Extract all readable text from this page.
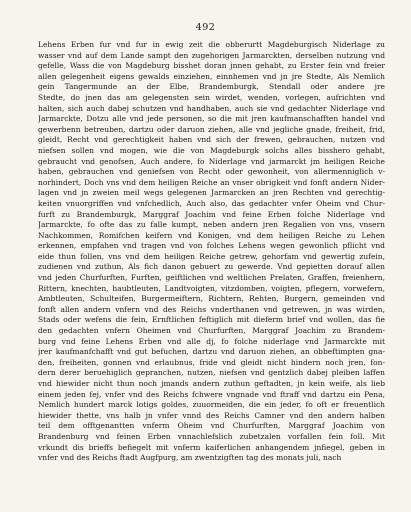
492
Lehens Erben fur vnd fur in ewig zeit die obberurtt Magdeburgisch Niderlage zu
wasser vnd auf dem Lande sampt den zugehorigen Jarmarckten, derselben nutzung vnd
gefelle, Wass die von Magdeburg bisshet doran jnnen gehabt, zu Erster fein vnd freier
allen gelegenheit eigens gewalds einziehen, einnhemen vnd jn jre Stedte, Als Nemlich
gein Tangermunde an der Elbe, Brandemburgk, Stendall oder andere jre
Stedte, do jnen das am gelegensten sein wirdet, wenden, vorlegen, aufrichten vnd
halten, sich auch dabej schutzen vnd handhaben, auch sie vnd gedachter Niderlage vnd
Jarmarckte, Dotzu alle vnd jede personen, so die mit jren kaufmanschafften handel vnd
gewerbenn betreuben, dartzu oder daruon ziehen, alle vnd jegliche gnade, freiheit, frid,
gleidt, Recht vnd gerechtigkeit haben vnd sich der frewen, gebrauchen, nutzen vnd
niefsen sollen vnd mogen, wie die von Magdeburgk solchs alles bisshero gehabt,
gebraucht vnd genofsen, Auch andere, fo Niderlage vnd jarmarckt jm heiligen Reiche
haben, gebrauchen vnd geniefsen von Recht oder gewonheit, von allermenniglich v-
norhindert, Doch vns vnd dem heiligen Reiche an vnser obrigkeit vnd fonft andern Nider-
lagen vnd jn zweien meil wegs gelegenen Jarmarcken an jren Rechten vnd gerechtig-
keiten vnuorgriffen vnd vnfchedlich, Auch also, das gedachter vnfer Oheim vnd Chur-
furft zu Brandemburgk, Marggraf Joachim vnd feine Erben folche Niderlage vnd
Jarmarckte, fo ofte das zu falle kumpt, neben andern jren Regalien von vns, vnsern
Nachkommen, Romifchen keifern vnd Konigen, vnd dem heiligen Reiche zu Lehen
erkennen, empfahen vnd tragen vnd von folches Lehens wegen gewonlich pflicht vnd
eide thun follen, vns vnd dem heiligen Reiche getrew, gehorfam vnd gewertig zufein,
zudienen vnd zuthun, Als fich danon gebuert zu gewerde. Vnd gepietten dorauf allen
vnd jeden Churfurften, Furften, geiftlichen vnd weltlichen Prelaten, Graffen, freienhern,
Rittern, knechten, haubtleuten, Landtvoigten, vitzdomben, voigten, pflegern, vorwefern,
Ambtleuten, Schulteifen, Burgermeiftern, Richtern, Rehten, Burgern, gemeinden vnd
fonft allen andern vnfern vnd des Reichs vnderthanen vnd getrewen, jn was wirden,
Stads oder wefens die fein, Ernftlichen feftiglich mit dieferm brief vnd wollen, das fie
den gedachten vnfern Oheimen vnd Churfurften, Marggraf Joachim zu Brandem-
burg vnd feine Lehens Erben vnd alle dj, fo folche niderlage vnd Jarmarckte mit
jrer kaufmanfchafft vnd gut befuchen, dartzu vnd daruon ziehen, an obbeftimpten gna-
den, freiheiten, gonnen vnd erlaubnus, fride vnd gleidt nicht hindern noch jren, fon-
dern derer beruehiglich gepranchen, nutzen, niefsen vnd gentzlich dabej pleiben laffen
vnd hiewider nicht thun noch jmands andern zuthun geftadten, jn kein weife, als lieb
einem jeden fej, vnfer vnd des Reichs fchwere vngnade vnd ftraff vnd dartzu ein Pena,
Nemlich hundert marck lotigs goldes, zuuormeiden, die ein jeder, fo oft er freuentlich
hiewider thette, vns halb jn vnfer vnnd des Reichs Camner vnd den andern halben
teil dem offtgenantten vnferm Oheim vnd Churfurften, Marggraf Joachim von
Brandenburg vnd feinen Erben vnnachlefslich zubetzalen vorfallen fein foll. Mit
vrkundt dis brieffs befiegelt mit vnferm kaiferlichen anhangendem jnfiegel, geben in
vnfer vnd des Reichs ftadt Augfpurg, am zwentzigften tag des monats juli, nach
